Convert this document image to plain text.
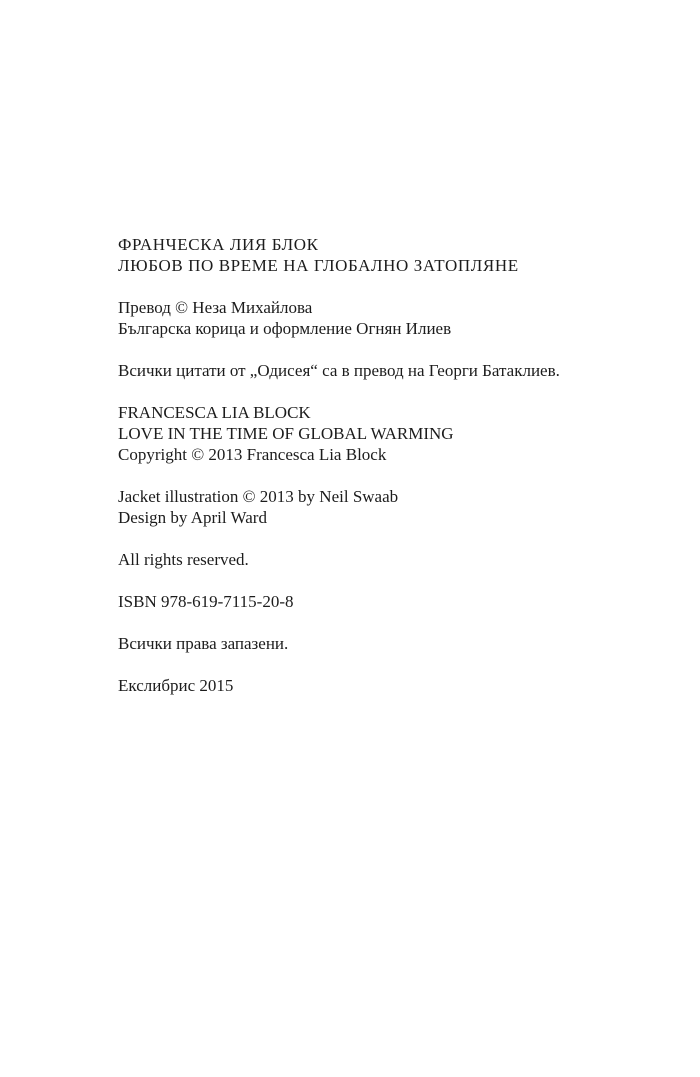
ФРАНЧЕСКА ЛИЯ БЛОК
ЛЮБОВ ПО ВРЕМЕ НА ГЛОБАЛНО ЗАТОПЛЯНЕ
Превод © Неза Михайлова
Българска корица и оформление Огнян Илиев
Всички цитати от „Одисея“ са в превод на Георги Батаклиев.
FRANCESCA LIA BLOCK
LOVE IN THE TIME OF GLOBAL WARMING
Copyright © 2013 Francesca Lia Block
Jacket illustration © 2013 by Neil Swaab
Design by April Ward
All rights reserved.
ISBN 978-619-7115-20-8
Всички права запазени.
Екслибрис 2015
